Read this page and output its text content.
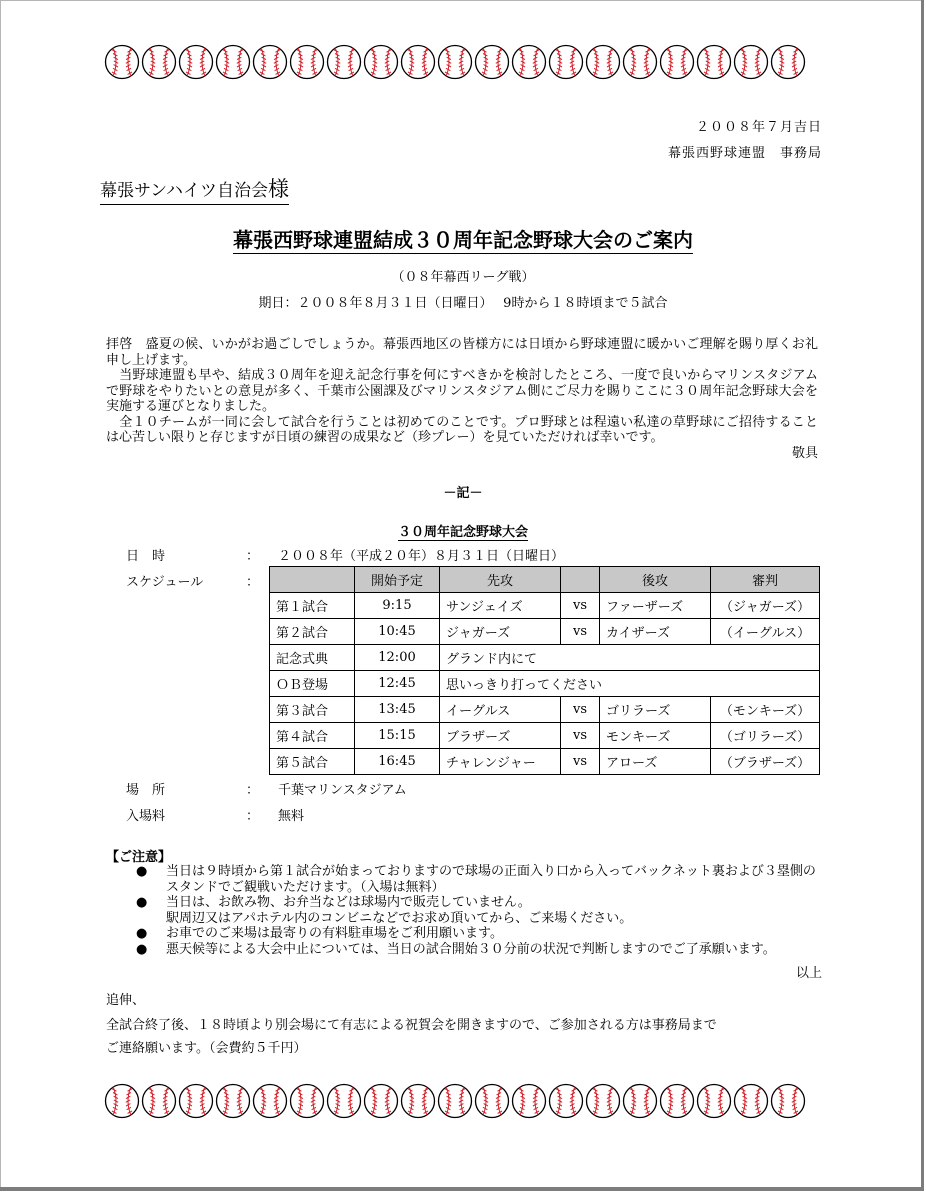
２００８年７月吉日
幕張西野球連盟　事務局
幕張サンハイツ自治会様
幕張西野球連盟結成３０周年記念野球大会のご案内
（０８年幕西リーグ戦）
期日：２００８年８月３１日（日曜日）　 9時から１８時頃まで５試合

拝啓　盛夏の候、いかがお過ごしでしょうか。幕張西地区の皆様方には日頃から野球連盟に暖かいご理解を賜り厚くお礼申し上げます。

　当野球連盟も早や、結成３０周年を迎え記念行事を何にすべきかを検討したところ、一度で良いからマリンスタジアムで野球をやりたいとの意見が多く、千葉市公園課及びマリンスタジアム側にご尽力を賜りここに３０周年記念野球大会を実施する運びとなりました。

　全１０チームが一同に会して試合を行うことは初めてのことです。プロ野球とは程遠い私達の草野球にご招待することは心苦しい限りと存じますが日頃の練習の成果など（珍プレー）を見ていただければ幸いです。

敬具

－記－
３０周年記念野球大会
日　時	： ２００８年（平成２０年）８月３１日（日曜日）
スケジュール	：
		開始予定	先攻		後攻	審判
第１試合	9:15	サンジェイズ	vs	ファーザーズ	（ジャガーズ）
第２試合	10:45	ジャガーズ	vs	カイザーズ	（イーグルス）
記念式典	12:00	グランド内にて			
ＯＢ登場	12:45	思いっきり打ってください			
第３試合	13:45	イーグルス	vs	ゴリラーズ	（モンキーズ）
第４試合	15:15	ブラザーズ	vs	モンキーズ	（ゴリラーズ）
第５試合	16:45	チャレンジャー	vs	アローズ	（ブラザーズ）
場　所	： 千葉マリンスタジアム
入場料	： 無料
【ご注意】
● 当日は９時頃から第１試合が始まっておりますので球場の正面入り口から入ってバックネット裏および３塁側のスタンドでご観戦いただけます。（入場は無料）
● 当日は、お飲み物、お弁当などは球場内で販売していません。
駅周辺又はアパホテル内のコンビニなどでお求め頂いてから、ご来場ください。
● お車でのご来場は最寄りの有料駐車場をご利用願います。
● 悪天候等による大会中止については、当日の試合開始３０分前の状況で判断しますのでご了承願います。
以上
追伸、
全試合終了後、１８時頃より別会場にて有志による祝賀会を開きますので、ご参加される方は事務局まで
ご連絡願います。（会費約５千円）
